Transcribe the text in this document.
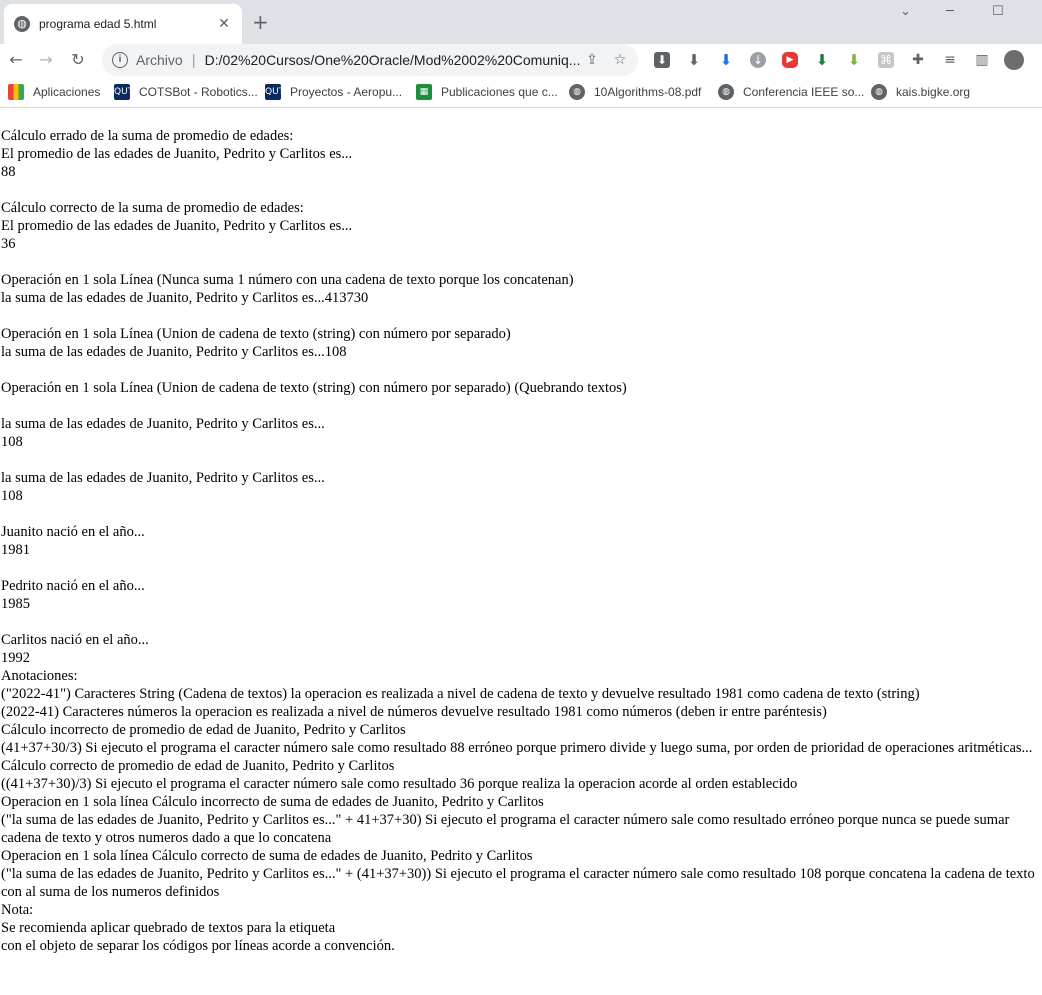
◍ programa edad 5.html	✕ +	⌄	─	☐
←	→	↻	i	Archivo | D:/02%20Cursos/One%20Oracle/Mod%2002%20Comuniq... ⇪ ☆	⬇ ⬇ ⬇ ↓	▶	⬇ ⬇ ⌘ ✚ ≡ ▥
Aplicaciones QUT COTSBot - Robotics... QUT Proyectos - Aeropu...	▦	Publicaciones que c...	◍	10Algorithms-08.pdf	◍	Conferencia IEEE so...	◍	kais.bigke.org
Cálculo errado de la suma de promedio de edades:
El promedio de las edades de Juanito, Pedrito y Carlitos es...
88
Cálculo correcto de la suma de promedio de edades:
El promedio de las edades de Juanito, Pedrito y Carlitos es...
36
Operación en 1 sola Línea (Nunca suma 1 número con una cadena de texto porque los concatenan)
la suma de las edades de Juanito, Pedrito y Carlitos es...413730
Operación en 1 sola Línea (Union de cadena de texto (string) con número por separado)
la suma de las edades de Juanito, Pedrito y Carlitos es...108
Operación en 1 sola Línea (Union de cadena de texto (string) con número por separado) (Quebrando textos)
la suma de las edades de Juanito, Pedrito y Carlitos es...
108
la suma de las edades de Juanito, Pedrito y Carlitos es...
108
Juanito nació en el año...
1981
Pedrito nació en el año...
1985
Carlitos nació en el año...
1992
Anotaciones:
("2022-41") Caracteres String (Cadena de textos) la operacion es realizada a nivel de cadena de texto y devuelve resultado 1981 como cadena de texto (string)
(2022-41) Caracteres números la operacion es realizada a nivel de números devuelve resultado 1981 como números (deben ir entre paréntesis)
Cálculo incorrecto de promedio de edad de Juanito, Pedrito y Carlitos
(41+37+30/3) Si ejecuto el programa el caracter número sale como resultado 88 erróneo porque primero divide y luego suma, por orden de prioridad de operaciones aritméticas...
Cálculo correcto de promedio de edad de Juanito, Pedrito y Carlitos
((41+37+30)/3) Si ejecuto el programa el caracter número sale como resultado 36 porque realiza la operacion acorde al orden establecido
Operacion en 1 sola línea Cálculo incorrecto de suma de edades de Juanito, Pedrito y Carlitos
("la suma de las edades de Juanito, Pedrito y Carlitos es..." + 41+37+30) Si ejecuto el programa el caracter número sale como resultado erróneo porque nunca se puede sumar cadena de texto y otros numeros dado a que lo concatena
Operacion en 1 sola línea Cálculo correcto de suma de edades de Juanito, Pedrito y Carlitos
("la suma de las edades de Juanito, Pedrito y Carlitos es..." + (41+37+30)) Si ejecuto el programa el caracter número sale como resultado 108 porque concatena la cadena de texto con al suma de los numeros definidos
Nota:
Se recomienda aplicar quebrado de textos para la etiqueta
con el objeto de separar los códigos por líneas acorde a convención.
